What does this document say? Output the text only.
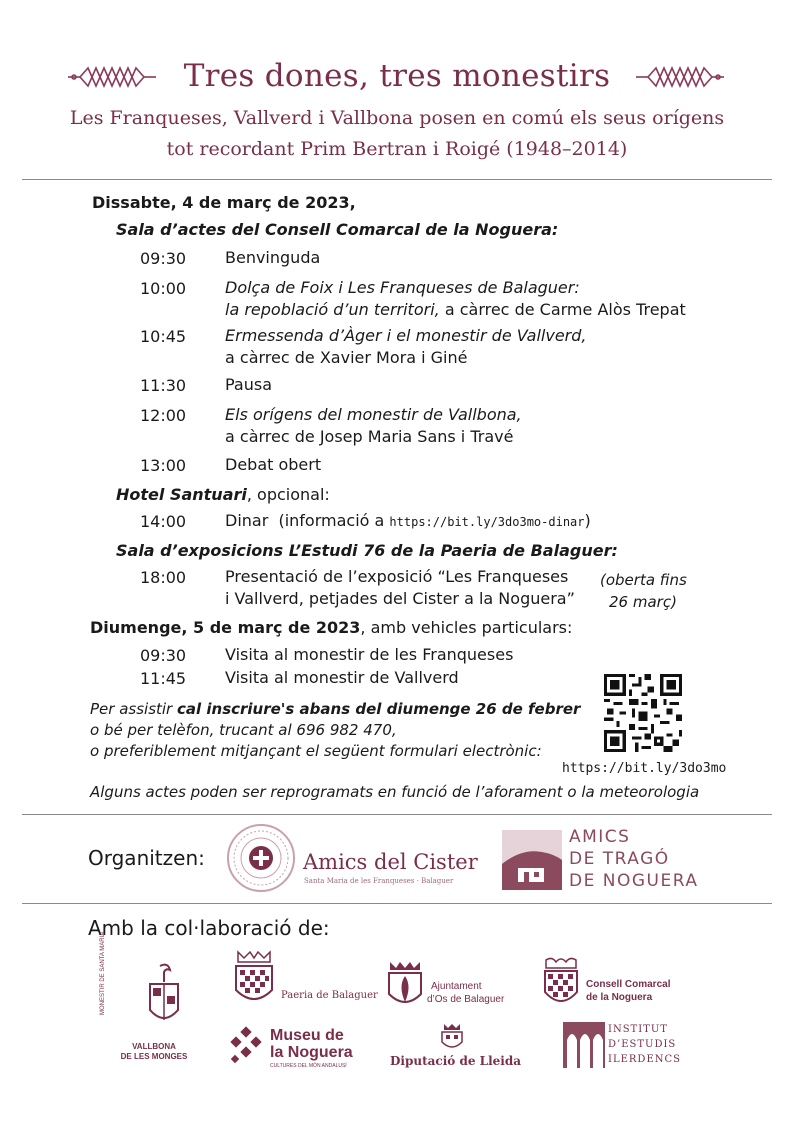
Tres dones, tres monestirs
Les Franqueses, Vallverd i Vallbona posen en comú els seus orígens
tot recordant Prim Bertran i Roigé (1948–2014)
Dissabte, 4 de març de 2023,
Sala d’actes del Consell Comarcal de la Noguera:
09:30 Benvinguda
10:00 Dolça de Foix i Les Franqueses de Balaguer:
la repoblació d’un territori, a càrrec de Carme Alòs Trepat
10:45 Ermessenda d’Àger i el monestir de Vallverd,
a càrrec de Xavier Mora i Giné
11:30 Pausa
12:00 Els orígens del monestir de Vallbona,
a càrrec de Josep Maria Sans i Travé
13:00 Debat obert
Hotel Santuari, opcional:
14:00 Dinar (informació a https://bit.ly/3do3mo-dinar)
Sala d’exposicions L’Estudi 76 de la Paeria de Balaguer:
18:00 Presentació de l’exposició “Les Franqueses
i Vallverd, petjades del Cister a la Noguera”
(oberta fins
26 març)
Diumenge, 5 de març de 2023, amb vehicles particulars:
09:30 Visita al monestir de les Franqueses
11:45 Visita al monestir de Vallverd
Per assistir cal inscriure's abans del diumenge 26 de febrer
o bé per telèfon, trucant al 696 982 470,
o preferiblement mitjançant el següent formulari electrònic:
https://bit.ly/3do3mo
Alguns actes poden ser reprogramats en funció de l’aforament o la meteorologia
Organitzen:	Amics del Cister
Santa Maria de les Franqueses · Balaguer
AMICS
DE TRAGÓ
DE NOGUERA
Amb la col·laboració de:
MONESTIR DE SANTA MARIA
VALLBONA
DE LES MONGES
Paeria de Balaguer
Ajuntament
d’Os de Balaguer
Consell Comarcal
de la Noguera
Museu de
la Noguera
CULTURES DEL MÓN ANDALUSÍ	Diputació de Lleida
INSTITUT
D’ESTUDIS
ILERDENCS
